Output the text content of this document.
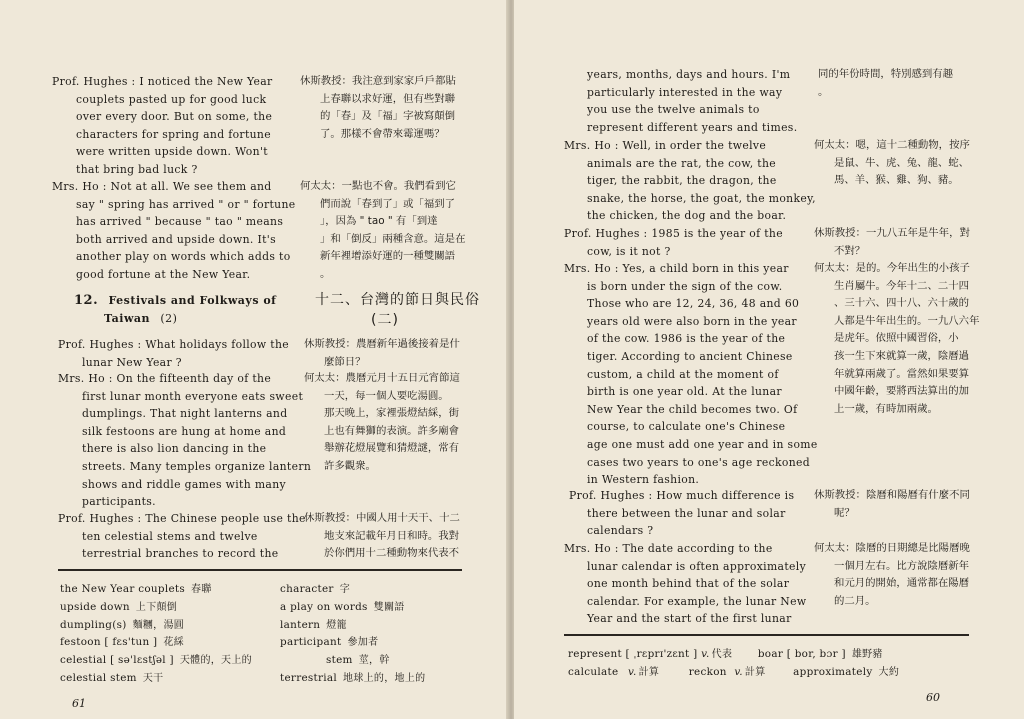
Prof. Hughes : I noticed the New Year
couplets pasted up for good luck
over every door. But on some, the
characters for spring and fortune
were written upside down. Won't
that bring bad luck ?
休斯教授：我注意到家家戶戶都貼
上春聯以求好運，但有些對聯
的「春」及「福」字被寫顛倒
了。那樣不會帶來霉運嗎？
Mrs. Ho : Not at all. We see them and
say " spring has arrived " or " fortune
has arrived " because " tao " means
both arrived and upside down. It's
another play on words which adds to
good fortune at the New Year.
何太太：一點也不會。我們看到它
們而說「春到了」或「福到了
」，因為 " tao " 有「到達
」和「倒反」兩種含意。這是在
新年裡增添好運的一種雙關語
。
12. Festivals and Folkways of
Taiwan (2)
十二、台灣的節日與民俗
(二)
Prof. Hughes : What holidays follow the
lunar New Year ?
休斯教授：農曆新年過後接着是什
麼節日？
Mrs. Ho : On the fifteenth day of the
first lunar month everyone eats sweet
dumplings. That night lanterns and
silk festoons are hung at home and
there is also lion dancing in the
streets. Many temples organize lantern
shows and riddle games with many
participants.
何太太：農曆元月十五日元宵節這
一天，每一個人要吃湯圓。
那天晚上，家裡張燈結綵，街
上也有舞獅的表演。許多廟會
舉辦花燈展覽和猜燈謎，常有
許多觀衆。
Prof. Hughes : The Chinese people use the
ten celestial stems and twelve
terrestrial branches to record the
休斯教授：中國人用十天干、十二
地支來記載年月日和時。我對
於你們用十二種動物來代表不
the New Year couplets 春聯
upside down 上下顛倒
dumpling(s) 麵糰，湯圓
festoon [ fɛs'tun ] 花綵
celestial [ sə'lɛstʃəl ] 天體的，天上的
celestial stem 天干
character 字
a play on words 雙關語
lantern 燈籠
participant 參加者
stem 莖，幹
terrestrial 地球上的，地上的
61
years, months, days and hours. I'm
particularly interested in the way
you use the twelve animals to
represent different years and times.
同的年份時間，特別感到有趣
。
Mrs. Ho : Well, in order the twelve
animals are the rat, the cow, the
tiger, the rabbit, the dragon, the
snake, the horse, the goat, the monkey,
the chicken, the dog and the boar.
何太太：嗯，這十二種動物，按序
是鼠、牛、虎、兔、龍、蛇、
馬、羊、猴、雞、狗、豬。
Prof. Hughes : 1985 is the year of the
cow, is it not ?
休斯教授：一九八五年是牛年，對
不對？
Mrs. Ho : Yes, a child born in this year
is born under the sign of the cow.
Those who are 12, 24, 36, 48 and 60
years old were also born in the year
of the cow. 1986 is the year of the
tiger. According to ancient Chinese
custom, a child at the moment of
birth is one year old. At the lunar
New Year the child becomes two. Of
course, to calculate one's Chinese
age one must add one year and in some
cases two years to one's age reckoned
in Western fashion.
何太太：是的。今年出生的小孩子
生肖屬牛。今年十二、二十四
、三十六、四十八、六十歲的
人都是牛年出生的。一九八六年
是虎年。依照中國習俗，小
孩一生下來就算一歲，陰曆過
年就算兩歲了。當然如果要算
中國年齡，要將西法算出的加
上一歲，有時加兩歲。
Prof. Hughes : How much difference is
there between the lunar and solar
calendars ?
休斯教授：陰曆和陽曆有什麼不同
呢？
Mrs. Ho : The date according to the
lunar calendar is often approximately
one month behind that of the solar
calendar. For example, the lunar New
Year and the start of the first lunar
何太太：陰曆的日期總是比陽曆晚
一個月左右。比方說陰曆新年
和元月的開始，通常都在陽曆
的二月。
represent [ ˌrɛprɪ'zɛnt ] v. 代表 boar [ bor, bɔr ] 雄野豬
calculate v. 計算	reckon v. 計算	approximately 大約
60
